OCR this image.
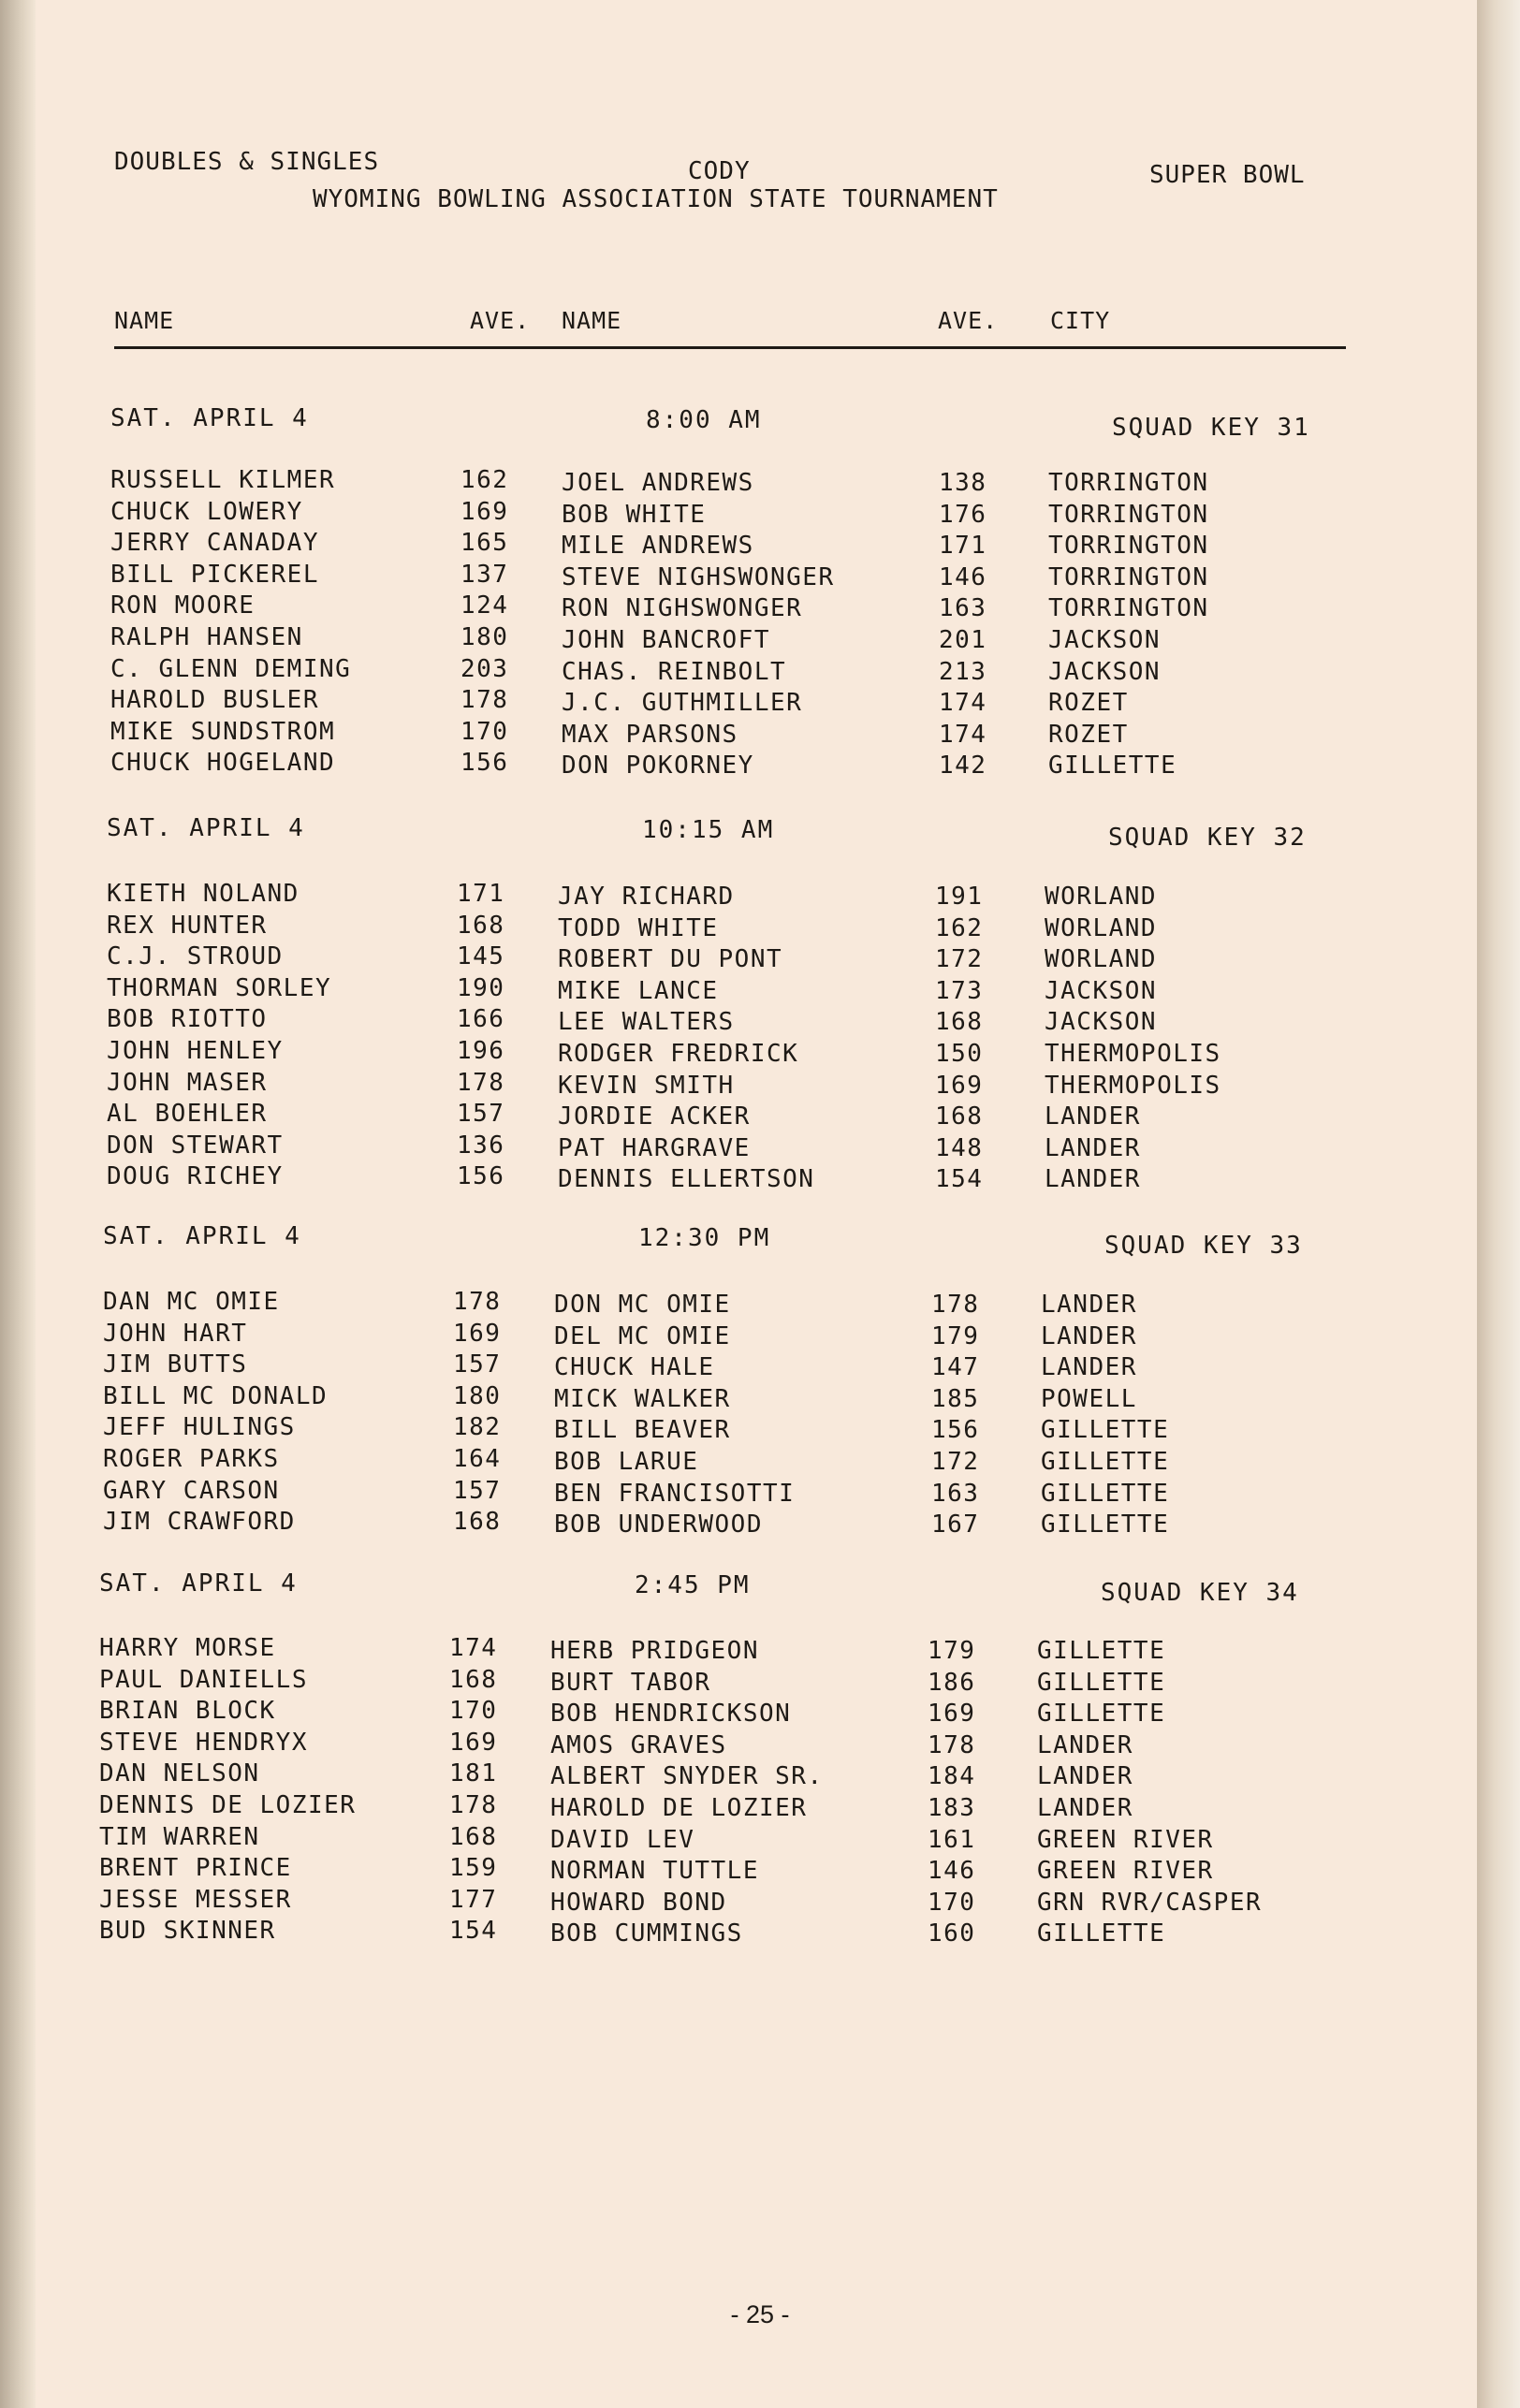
DOUBLES & SINGLES	CODY	SUPER BOWL
WYOMING BOWLING ASSOCIATION STATE TOURNAMENT
NAME	AVE. NAME	AVE. CITY
SAT. APRIL 4	8:00 AM	SQUAD KEY 31
RUSSELL KILMER	162 JOEL ANDREWS	138	TORRINGTON
CHUCK LOWERY	169 BOB WHITE	176	TORRINGTON
JERRY CANADAY	165 MILE ANDREWS	171	TORRINGTON
BILL PICKEREL	137 STEVE NIGHSWONGER	146	TORRINGTON
RON MOORE	124 RON NIGHSWONGER	163	TORRINGTON
RALPH HANSEN	180 JOHN BANCROFT	201	JACKSON
C. GLENN DEMING	203 CHAS. REINBOLT	213	JACKSON
HAROLD BUSLER	178 J.C. GUTHMILLER	174	ROZET
MIKE SUNDSTROM	170 MAX PARSONS	174	ROZET
CHUCK HOGELAND	156 DON POKORNEY	142	GILLETTE
SAT. APRIL 4	10:15 AM	SQUAD KEY 32
KIETH NOLAND	171 JAY RICHARD	191	WORLAND
REX HUNTER	168 TODD WHITE	162	WORLAND
C.J. STROUD	145 ROBERT DU PONT	172	WORLAND
THORMAN SORLEY	190 MIKE LANCE	173	JACKSON
BOB RIOTTO	166 LEE WALTERS	168	JACKSON
JOHN HENLEY	196 RODGER FREDRICK	150	THERMOPOLIS
JOHN MASER	178 KEVIN SMITH	169	THERMOPOLIS
AL BOEHLER	157 JORDIE ACKER	168	LANDER
DON STEWART	136 PAT HARGRAVE	148	LANDER
DOUG RICHEY	156 DENNIS ELLERTSON	154	LANDER
SAT. APRIL 4	12:30 PM	SQUAD KEY 33
DAN MC OMIE	178 DON MC OMIE	178	LANDER
JOHN HART	169 DEL MC OMIE	179	LANDER
JIM BUTTS	157 CHUCK HALE	147	LANDER
BILL MC DONALD	180 MICK WALKER	185	POWELL
JEFF HULINGS	182 BILL BEAVER	156	GILLETTE
ROGER PARKS	164 BOB LARUE	172	GILLETTE
GARY CARSON	157 BEN FRANCISOTTI	163	GILLETTE
JIM CRAWFORD	168 BOB UNDERWOOD	167	GILLETTE
SAT. APRIL 4	2:45 PM	SQUAD KEY 34
HARRY MORSE	174 HERB PRIDGEON	179	GILLETTE
PAUL DANIELLS	168 BURT TABOR	186	GILLETTE
BRIAN BLOCK	170 BOB HENDRICKSON	169	GILLETTE
STEVE HENDRYX	169 AMOS GRAVES	178	LANDER
DAN NELSON	181 ALBERT SNYDER SR.	184	LANDER
DENNIS DE LOZIER	178 HAROLD DE LOZIER	183	LANDER
TIM WARREN	168 DAVID LEV	161	GREEN RIVER
BRENT PRINCE	159 NORMAN TUTTLE	146	GREEN RIVER
JESSE MESSER	177 HOWARD BOND	170	GRN RVR/CASPER
BUD SKINNER	154 BOB CUMMINGS	160	GILLETTE
- 25 -
